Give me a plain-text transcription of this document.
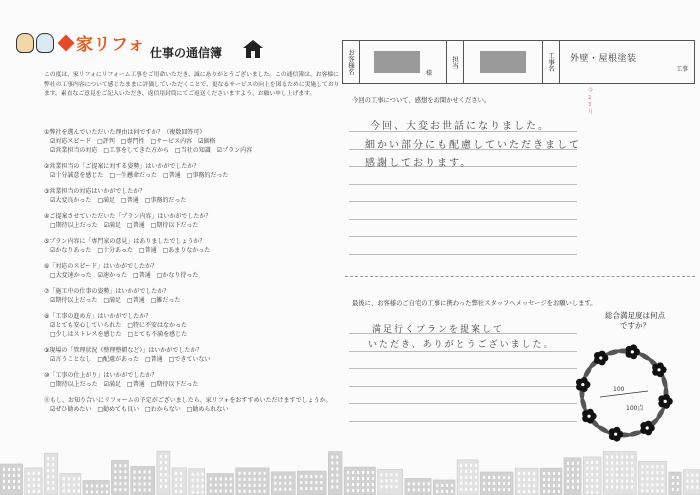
家リフォ 仕事の通信簿
この度は、家リフォにリフォーム工事をご用命いただき、誠にありがとうございました。この通信簿は、お客様に弊社の工事内容について感じたままに評価していただくことで、更なるサービスの向上を図るために実施しております。素直なご意見をご記入いただき、返信用封筒にてご返送くださいますよう、お願い申し上げます。
①弊社を選んでいただいた理由は何ですか？（複数回答可）
☑対応スピード　□評判　□専門性　□サービス内容　☑価格
☑営業担当の対応　□工事をしてきた方から　□当社の知識　☑プラン内容
②営業担当の「ご提案に対する姿勢」はいかがでしたか？
☑十分誠意を感じた　□一生懸命だった　□普通　□事務的だった
③営業担当の対応はいかがでしたか？
☑大変良かった　□満足　□普通　□事務的だった
④ご提案させていただいた「プラン内容」はいかがでしたか？
□期待以上だった　☑満足　□普通　□期待以下だった
⑤プラン内容に「専門家の意見」はありましたでしょうか？
☑かなりあった　□十分あった　□普通　□あまりなかった
⑥「対応のスピード」はいかがでしたか？
□大変速かった　☑速かった　□普通　□かなり待った
⑦「施工中の仕事の姿勢」はいかがでしたか？
☑期待以上だった　□満足　□普通　□雑だった
⑧「工事の進め方」はいかがでしたか？
☑とても安心していられた　□特に不安はなかった
□少しはストレスを感じた　□とても不満を感じた
⑨現場の「管理状況（整理整頓など）」はいかがでしたか？
☑言うことなし　□配慮があった　□普通　□できていない
⑩「工事の仕上がり」はいかがでしたか？
□期待以上だった　☑満足　□普通　□期待以下だった
⑪もし、お知り合いにリフォームの予定がございましたら、家リフォをおすすめいただけますでしょうか。
☑ぜひ勧めたい　□勧めても良い　□わからない　□勧められない
お客様名	様
担当	工事名 外壁・屋根塗装
工事
令
2
3
月
今回の工事について、感想をお聞かせください。
今回、大変お世話になりました。
細かい部分にも配慮していただきまして
感謝しております。
最後に、お客様のご自宅の工事に携わった弊社スタッフへメッセージをお願いします。
満足行くプランを提案して
いただき、ありがとうございました。
総合満足度は何点ですか？
100
100点
